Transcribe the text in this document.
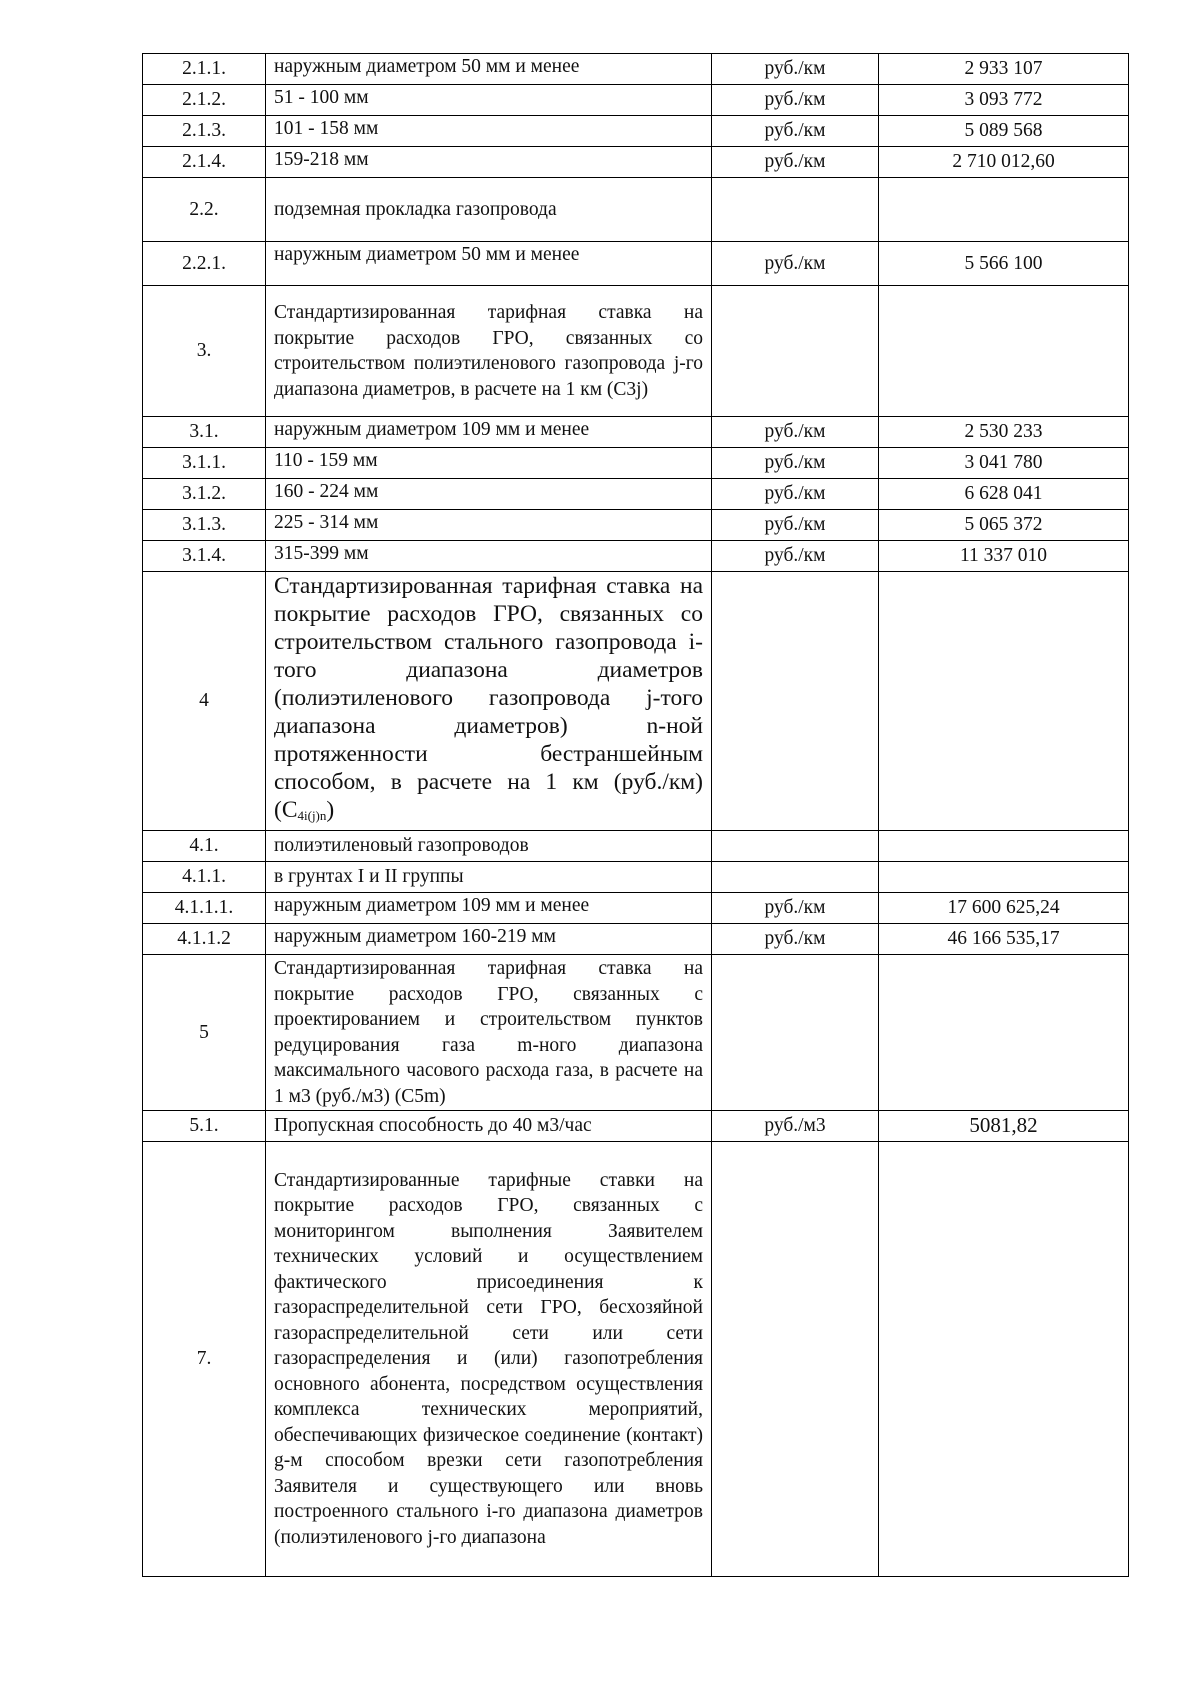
2.1.1.	наружным диаметром 50 мм и менее	руб./км	2 933 107
2.1.2.	51 - 100 мм	руб./км	3 093 772
2.1.3.	101 - 158 мм	руб./км	5 089 568
2.1.4.	159-218 мм	руб./км	2 710 012,60
2.2.	подземная прокладка газопровода		
2.2.1.	наружным диаметром 50 мм и менее	руб./км	5 566 100
3.	Стандартизированная тарифная ставка на покрытие расходов ГРО, связанных со строительством полиэтиленового газопровода j-го диапазона диаметров, в расчете на 1 км (С3j)		
3.1.	наружным диаметром 109 мм и менее	руб./км	2 530 233
3.1.1.	110 - 159 мм	руб./км	3 041 780
3.1.2.	160 - 224 мм	руб./км	6 628 041
3.1.3.	225 - 314 мм	руб./км	5 065 372
3.1.4.	315-399 мм	руб./км	11 337 010
4	Стандартизированная тарифная ставка на покрытие расходов ГРО, связанных со строительством стального газопровода i-того диапазона диаметров (полиэтиленового газопровода j-того диапазона диаметров) n-ной протяженности бестраншейным способом, в расчете на 1 км (руб./км) $(С_{4i(j)n})$		
4.1.	полиэтиленовый газопроводов		
4.1.1.	в грунтах I и II группы		
4.1.1.1.	наружным диаметром 109 мм и менее	руб./км	17 600 625,24
4.1.1.2	наружным диаметром 160-219 мм	руб./км	46 166 535,17
5	Стандартизированная тарифная ставка на покрытие расходов ГРО, связанных с проектированием и строительством пунктов редуцирования газа m-ного диапазона максимального часового расхода газа, в расчете на 1 м3 (руб./м3) (С5m)		
5.1.	Пропускная способность до 40 м3/час	руб./м3	5081,82
7.	Стандартизированные тарифные ставки на покрытие расходов ГРО, связанных с мониторингом выполнения Заявителем технических условий и осуществлением фактического присоединения к газораспределительной сети ГРО, бесхозяйной газораспределительной сети или сети газораспределения и (или) газопотребления основного абонента, посредством осуществления комплекса технических мероприятий, обеспечивающих физическое соединение (контакт) g-м способом врезки сети газопотребления Заявителя и существующего или вновь построенного стального i-го диапазона диаметров (полиэтиленового j-го диапазона		
